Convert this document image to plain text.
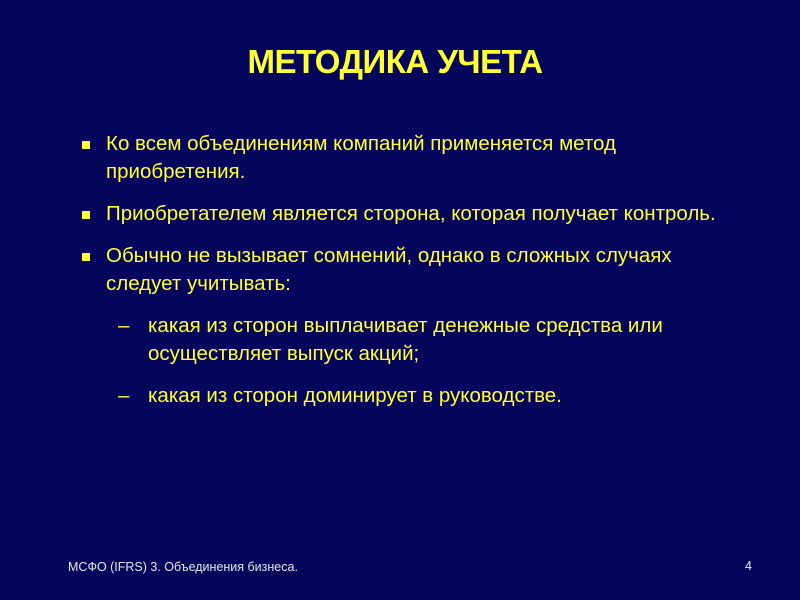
МЕТОДИКА УЧЕТА
Ко всем объединениям компаний применяется метод приобретения.
Приобретателем является сторона, которая получает контроль.
Обычно не вызывает сомнений, однако в сложных случаях следует учитывать:
– какая из сторон выплачивает денежные средства или осуществляет выпуск акций;
– какая из сторон доминирует в руководстве.
МСФО (IFRS) 3. Объединения бизнеса.	4
